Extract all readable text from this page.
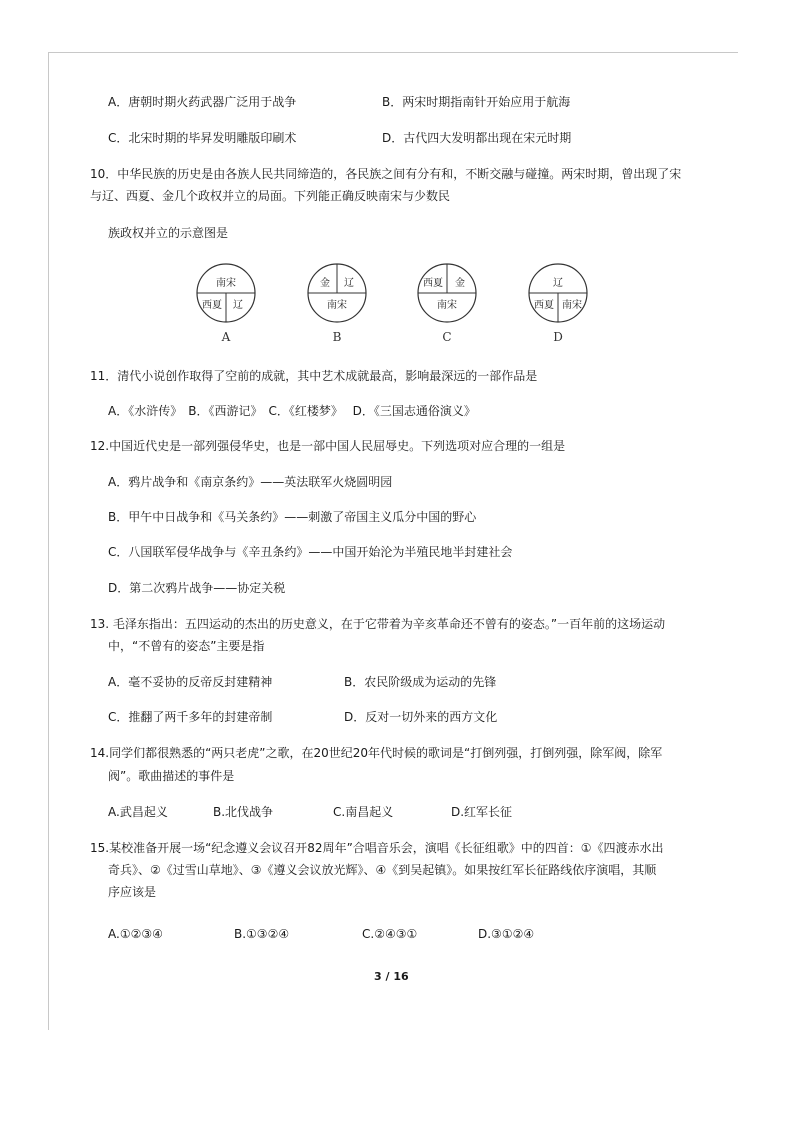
A．唐朝时期火药武器广泛用于战争	B．两宋时期指南针开始应用于航海
C．北宋时期的毕昇发明雕版印刷术	D．古代四大发明都出现在宋元时期
10．中华民族的历史是由各族人民共同缔造的，各民族之间有分有和，不断交融与碰撞。两宋时期，曾出现了宋
与辽、西夏、金几个政权并立的局面。下列能正确反映南宋与少数民
族政权并立的示意图是
南宋
西夏 辽
A
金 辽
南宋
B
西夏 金
南宋
C
辽
西夏 南宋
D
11．清代小说创作取得了空前的成就，其中艺术成就最高，影响最深远的一部作品是
A．《水浒传》　B．《西游记》　C．《红楼梦》　 D．《三国志通俗演义》
12.中国近代史是一部列强侵华史，也是一部中国人民屈辱史。下列选项对应合理的一组是
A．鸦片战争和《南京条约》——英法联军火烧圆明园
B．甲午中日战争和《马关条约》——刺激了帝国主义瓜分中国的野心
C．八国联军侵华战争与《辛丑条约》——中国开始沦为半殖民地半封建社会
D．第二次鸦片战争——协定关税
13. 毛泽东指出：五四运动的杰出的历史意义，在于它带着为辛亥革命还不曾有的姿态。”一百年前的这场运动
中，“不曾有的姿态”主要是指
A．毫不妥协的反帝反封建精神	B．农民阶级成为运动的先锋
C．推翻了两千多年的封建帝制	D．反对一切外来的西方文化
14.同学们都很熟悉的“两只老虎”之歌，在20世纪20年代时候的歌词是“打倒列强，打倒列强，除军阀，除军
阀”。歌曲描述的事件是
A.武昌起义	B.北伐战争	C.南昌起义	D.红军长征
15.某校准备开展一场“纪念遵义会议召开82周年”合唱音乐会，演唱《长征组歌》中的四首：①《四渡赤水出
奇兵》、②《过雪山草地》、③《遵义会议放光辉》、④《到吴起镇》。如果按红军长征路线依序演唱，其顺
序应该是
A.①②③④	B.①③②④	C.②④③①	D.③①②④
3 / 16
